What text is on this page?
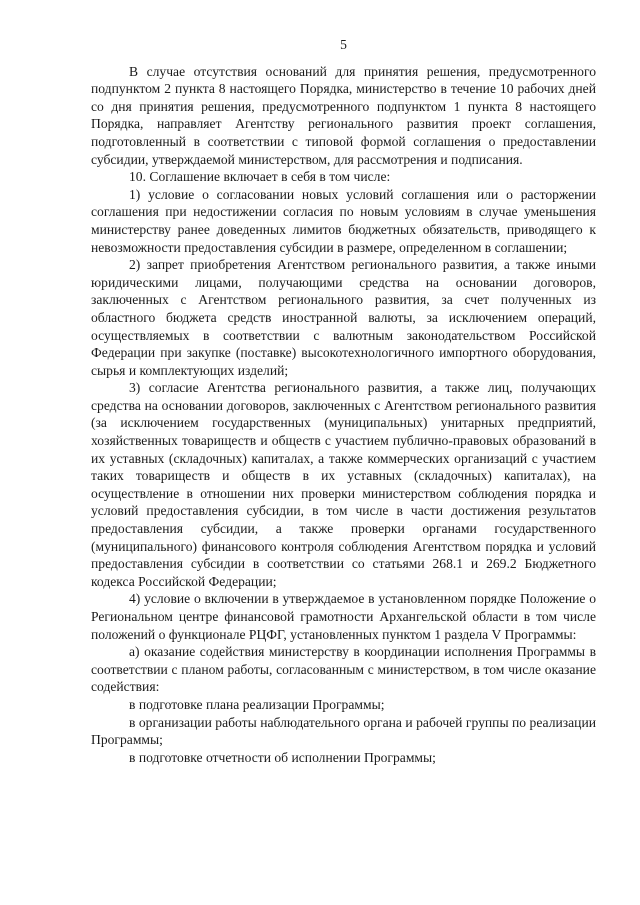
5

В случае отсутствия оснований для принятия решения, предусмотренного подпунктом 2 пункта 8 настоящего Порядка, министерство в течение 10 рабочих дней со дня принятия решения, предусмотренного подпунктом 1 пункта 8 настоящего Порядка, направляет Агентству регионального развития проект соглашения, подготовленный в соответствии с типовой формой соглашения о предоставлении субсидии, утверждаемой министерством, для рассмотрения и подписания.

10. Соглашение включает в себя в том числе:

1) условие о согласовании новых условий соглашения или о расторжении соглашения при недостижении согласия по новым условиям в случае уменьшения министерству ранее доведенных лимитов бюджетных обязательств, приводящего к невозможности предоставления субсидии в размере, определенном в соглашении;

2) запрет приобретения Агентством регионального развития, а также иными юридическими лицами, получающими средства на основании договоров, заключенных с Агентством регионального развития, за счет полученных из областного бюджета средств иностранной валюты, за исключением операций, осуществляемых в соответствии с валютным законодательством Российской Федерации при закупке (поставке) высокотехнологичного импортного оборудования, сырья и комплектующих изделий;

3) согласие Агентства регионального развития, а также лиц, получающих средства на основании договоров, заключенных с Агентством регионального развития (за исключением государственных (муниципальных) унитарных предприятий, хозяйственных товариществ и обществ с участием публично-правовых образований в их уставных (складочных) капиталах, а также коммерческих организаций с участием таких товариществ и обществ в их уставных (складочных) капиталах), на осуществление в отношении них проверки министерством соблюдения порядка и условий предоставления субсидии, в том числе в части достижения результатов предоставления субсидии, а также проверки органами государственного (муниципального) финансового контроля соблюдения Агентством порядка и условий предоставления субсидии в соответствии со статьями 268.1 и 269.2 Бюджетного кодекса Российской Федерации;

4) условие о включении в утверждаемое в установленном порядке Положение о Региональном центре финансовой грамотности Архангельской области в том числе положений о функционале РЦФГ, установленных пунктом 1 раздела V Программы:

а) оказание содействия министерству в координации исполнения Программы в соответствии с планом работы, согласованным с министерством, в том числе оказание содействия:

в подготовке плана реализации Программы;

в организации работы наблюдательного органа и рабочей группы по реализации Программы;

в подготовке отчетности об исполнении Программы;
